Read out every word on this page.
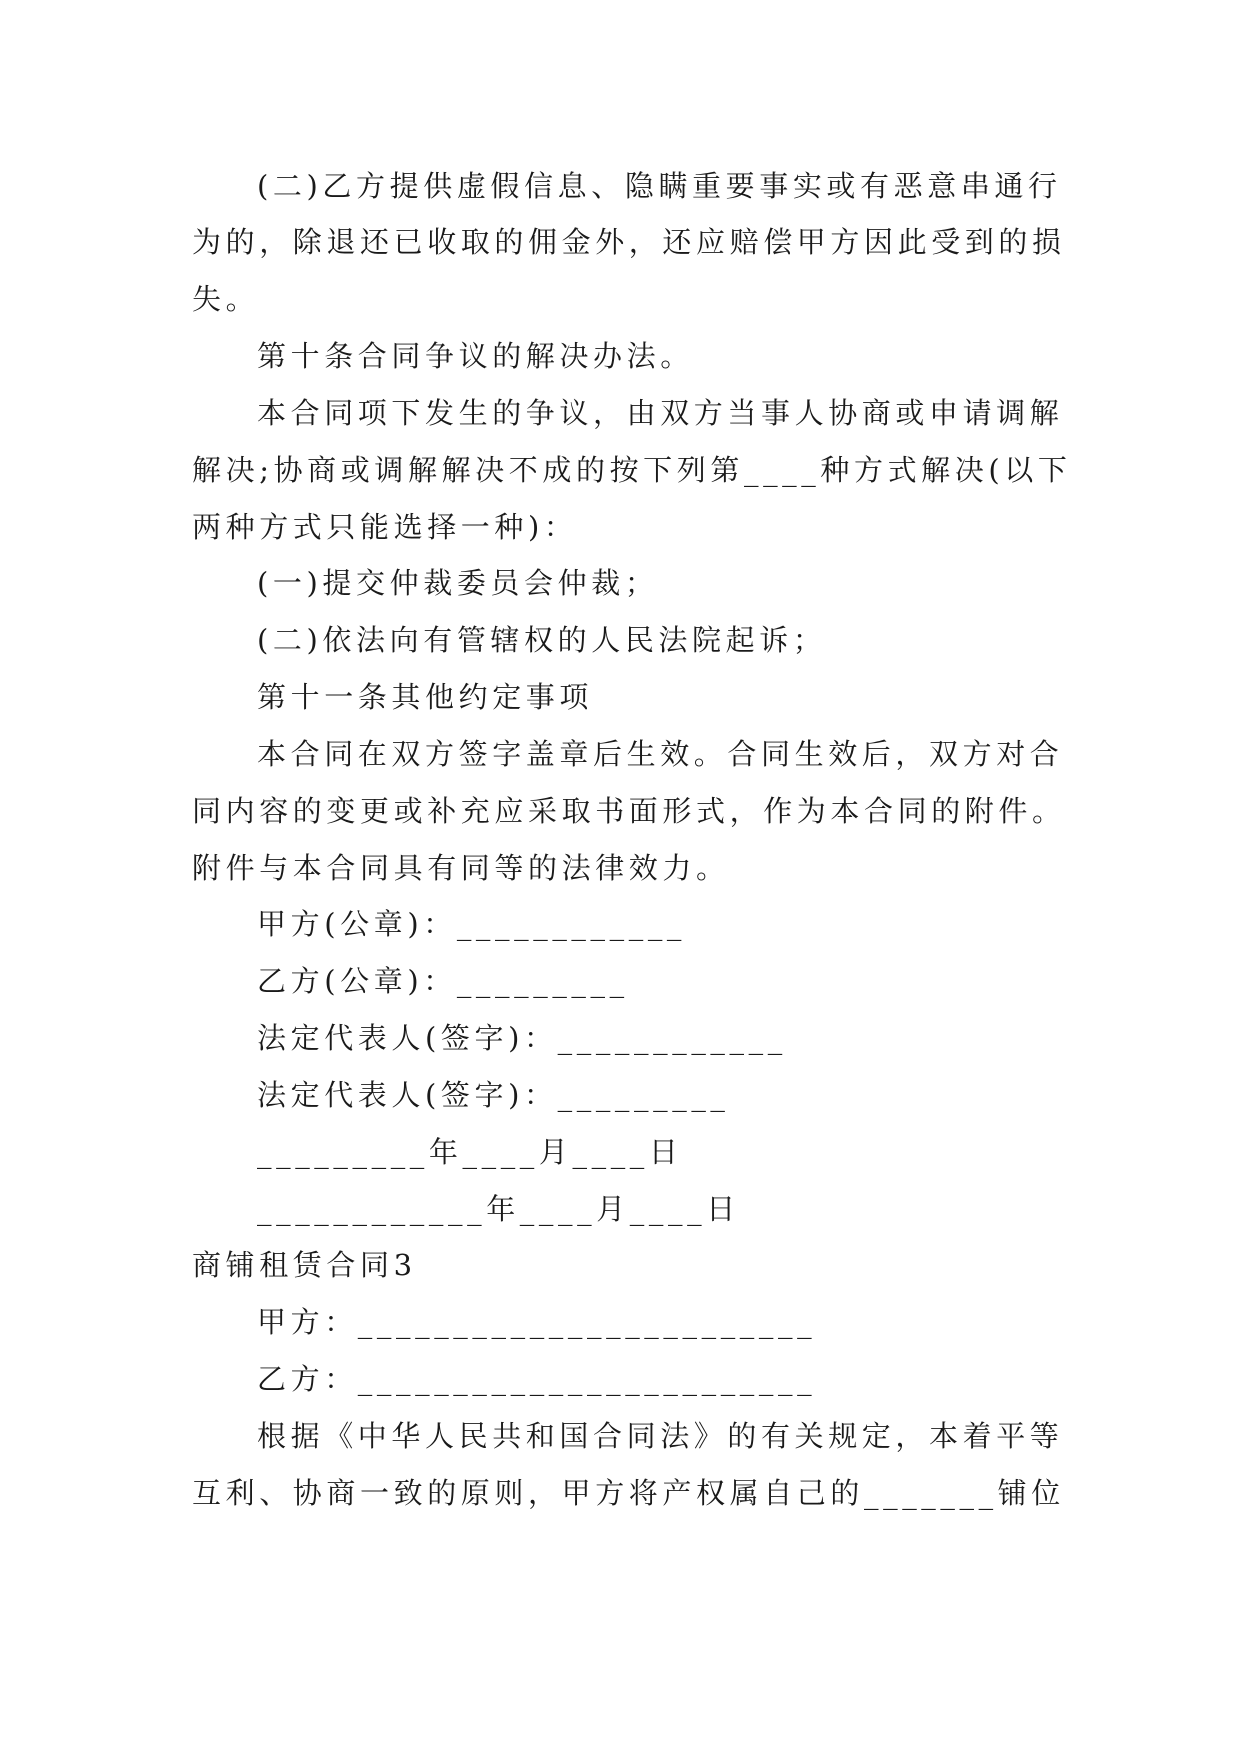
(二)乙方提供虚假信息、隐瞒重要事实或有恶意串通行
为的，除退还已收取的佣金外，还应赔偿甲方因此受到的损
失。
第十条合同争议的解决办法。
本合同项下发生的争议，由双方当事人协商或申请调解
解决;协商或调解解决不成的按下列第____种方式解决(以下
两种方式只能选择一种)：
(一)提交仲裁委员会仲裁；
(二)依法向有管辖权的人民法院起诉；
第十一条其他约定事项
本合同在双方签字盖章后生效。合同生效后，双方对合
同内容的变更或补充应采取书面形式，作为本合同的附件。
附件与本合同具有同等的法律效力。
甲方(公章)：____________
乙方(公章)：_________
法定代表人(签字)：____________
法定代表人(签字)：_________
_________年____月____日
____________年____月____日
商铺租赁合同3
甲方：________________________
乙方：________________________
根据《中华人民共和国合同法》的有关规定，本着平等
互利、协商一致的原则，甲方将产权属自己的_______铺位
